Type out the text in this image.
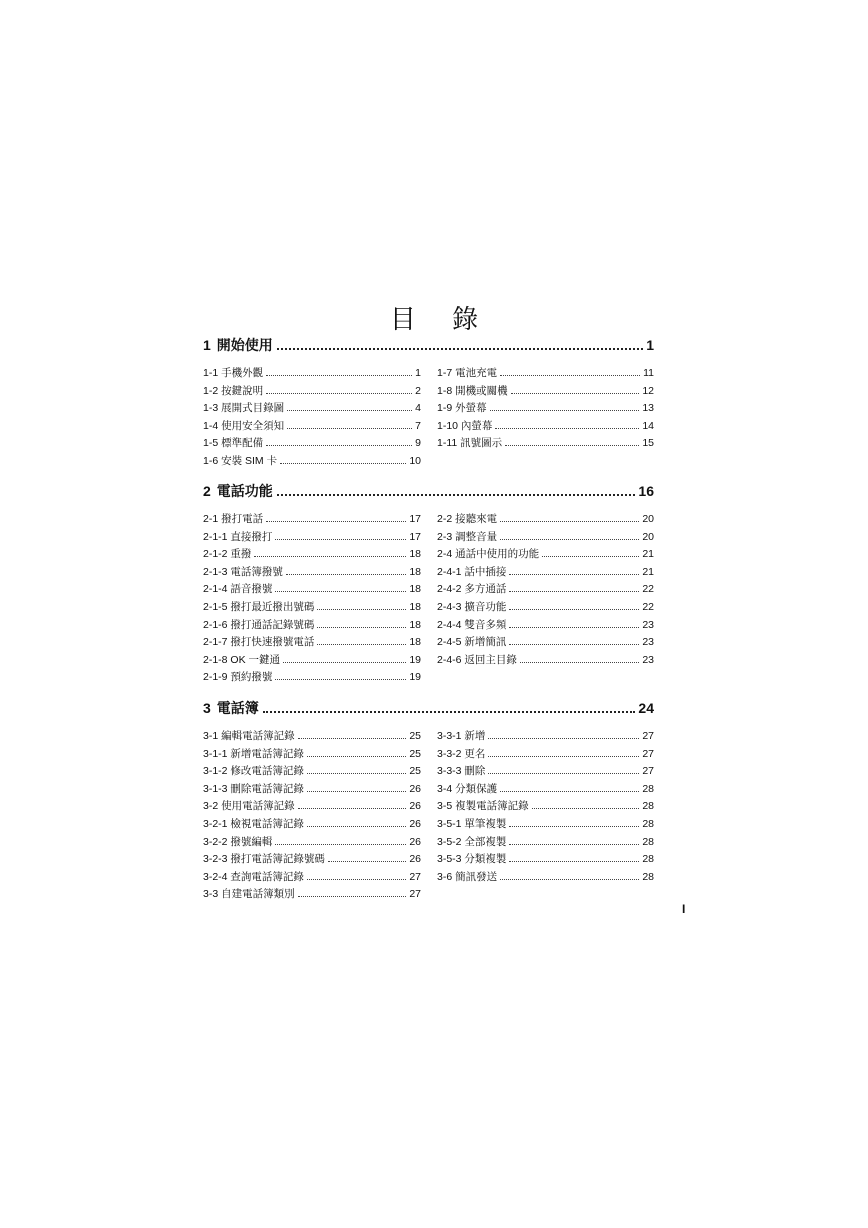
目 錄
1 開始使用	1
1-1 手機外觀	1
1-2 按鍵說明	2
1-3 展開式目錄圖	4
1-4 使用安全須知	7
1-5 標準配備	9
1-6 安裝 SIM 卡	10
1-7 電池充電	11
1-8 開機或關機	12
1-9 外螢幕	13
1-10 內螢幕	14
1-11 訊號圖示	15
2 電話功能	16
2-1 撥打電話	17
2-1-1 直接撥打	17
2-1-2 重撥	18
2-1-3 電話簿撥號	18
2-1-4 語音撥號	18
2-1-5 撥打最近撥出號碼	18
2-1-6 撥打通話記錄號碼	18
2-1-7 撥打快速撥號電話	18
2-1-8 OK 一鍵通	19
2-1-9 預約撥號	19
2-2 接聽來電	20
2-3 調整音量	20
2-4 通話中使用的功能	21
2-4-1 話中插接	21
2-4-2 多方通話	22
2-4-3 擴音功能	22
2-4-4 雙音多頻	23
2-4-5 新增簡訊	23
2-4-6 返回主目錄	23
3 電話簿	24
3-1 編輯電話簿記錄	25
3-1-1 新增電話簿記錄	25
3-1-2 修改電話簿記錄	25
3-1-3 刪除電話簿記錄	26
3-2 使用電話簿記錄	26
3-2-1 檢視電話簿記錄	26
3-2-2 撥號編輯	26
3-2-3 撥打電話簿記錄號碼	26
3-2-4 查詢電話簿記錄	27
3-3 自建電話簿類別	27
3-3-1 新增	27
3-3-2 更名	27
3-3-3 刪除	27
3-4 分類保護	28
3-5 複製電話簿記錄	28
3-5-1 單筆複製	28
3-5-2 全部複製	28
3-5-3 分類複製	28
3-6 簡訊發送	28
I
